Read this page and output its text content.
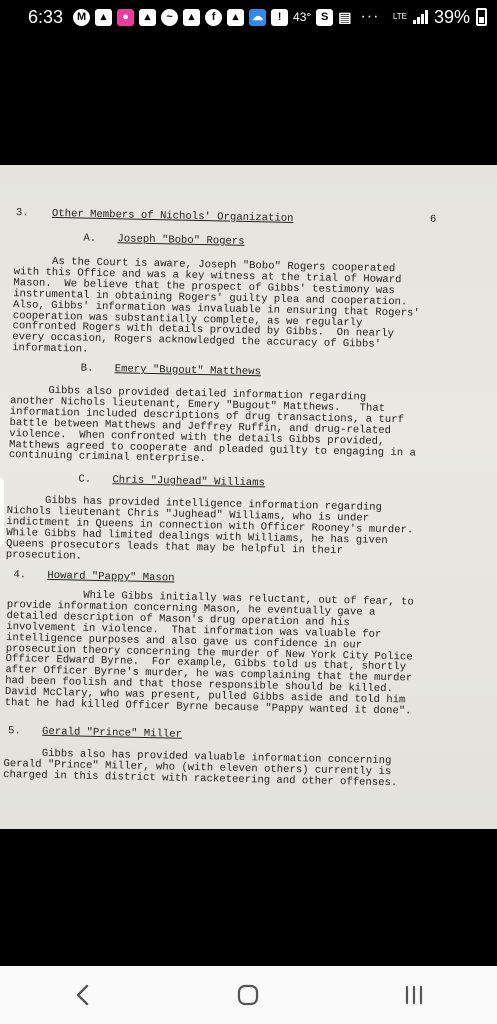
6:33	M	▴	●	▴	~	▴	f	▴	☁	! 43° S ▤ ··· LTE 39%
6
3. Other Members of Nichols' Organization
A. Joseph "Bobo" Rogers
As the Court is aware, Joseph "Bobo" Rogers cooperated
with this Office and was a key witness at the trial of Howard
Mason.  We believe that the prospect of Gibbs' testimony was
instrumental in obtaining Rogers' guilty plea and cooperation.
Also, Gibbs' information was invaluable in ensuring that Rogers'
cooperation was substantially complete, as we regularly
confronted Rogers with details provided by Gibbs.  On nearly
every occasion, Rogers acknowledged the accuracy of Gibbs'
information.
B. Emery "Bugout" Matthews
Gibbs also provided detailed information regarding
another Nichols lieutenant, Emery "Bugout" Matthews.   That
information included descriptions of drug transactions, a turf
battle between Matthews and Jeffrey Ruffin, and drug-related
violence.  When confronted with the details Gibbs provided,
Matthews agreed to cooperate and pleaded guilty to engaging in a
continuing criminal enterprise.
C. Chris "Jughead" Williams
Gibbs has provided intelligence information regarding
Nichols lieutenant Chris "Jughead" Williams, who is under
indictment in Queens in connection with Officer Rooney's murder.
While Gibbs had limited dealings with Williams, he has given
Queens prosecutors leads that may be helpful in their
prosecution.
4. Howard "Pappy" Mason
While Gibbs initially was reluctant, out of fear, to
provide information concerning Mason, he eventually gave a
detailed description of Mason's drug operation and his
involvement in violence.  That information was valuable for
intelligence purposes and also gave us confidence in our
prosecution theory concerning the murder of New York City Police
Officer Edward Byrne.  For example, Gibbs told us that, shortly
after Officer Byrne's murder, he was complaining that the murder
had been foolish and that those responsible should be killed.
David McClary, who was present, pulled Gibbs aside and told him
that he had killed Officer Byrne because "Pappy wanted it done".
5. Gerald "Prince" Miller
Gibbs also has provided valuable information concerning
Gerald "Prince" Miller, who (with eleven others) currently is
charged in this district with racketeering and other offenses.
